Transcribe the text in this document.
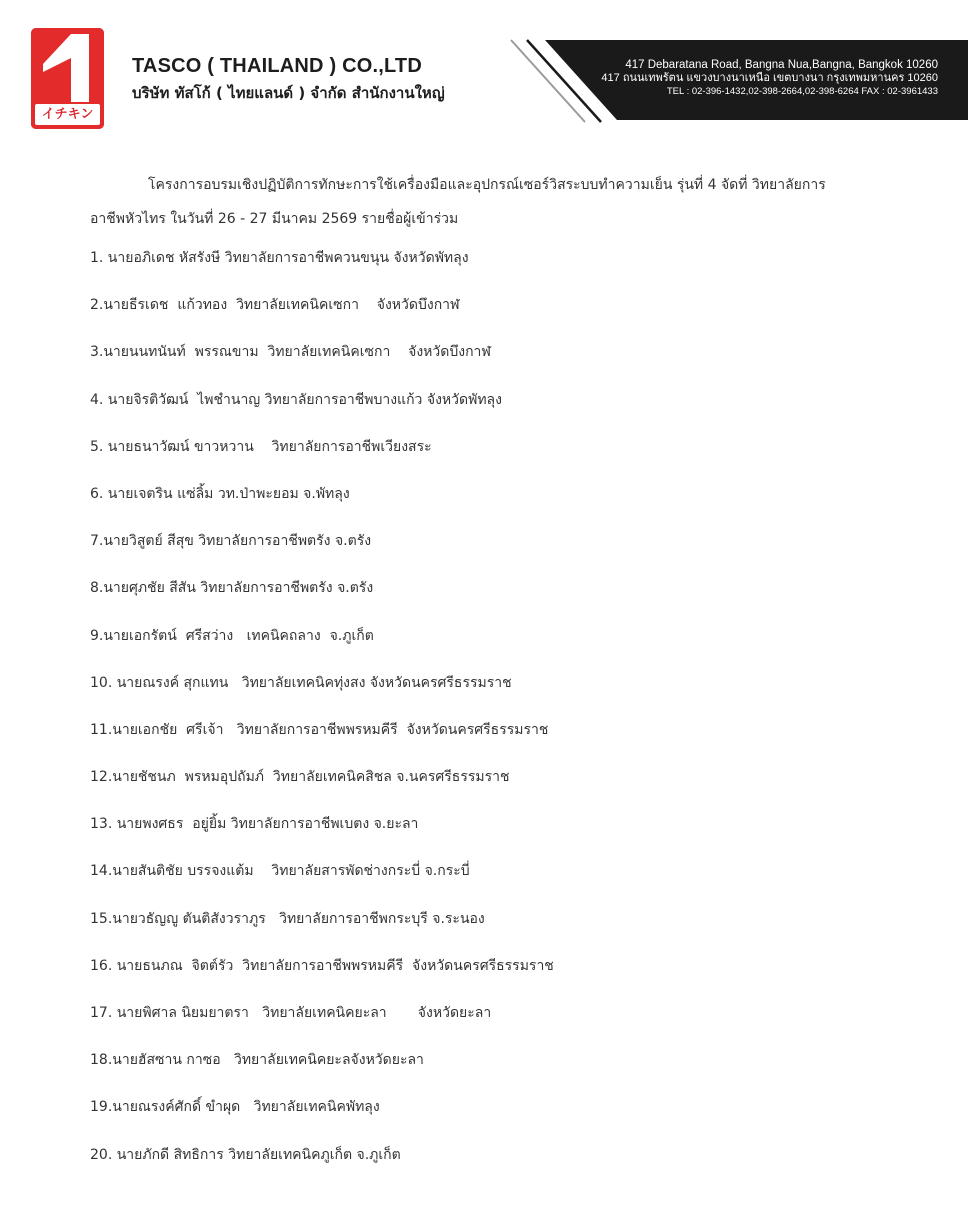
イチキン
TASCO ( THAILAND ) CO.,LTD
บริษัท ทัสโก้ ( ไทยแลนด์ ) จำกัด สำนักงานใหญ่
417 Debaratana Road, Bangna Nua,Bangna, Bangkok 10260
417 ถนนเทพรัตน แขวงบางนาเหนือ เขตบางนา กรุงเทพมหานคร 10260
TEL : 02-396-1432,02-398-2664,02-398-6264 FAX : 02-3961433

โครงการอบรมเชิงปฏิบัติการทักษะการใช้เครื่องมือและอุปกรณ์เซอร์วิสระบบทำความเย็น รุ่นที่ 4 จัดที่ วิทยาลัยการ
อาชีพหัวไทร ในวันที่ 26 - 27 มีนาคม 2569 รายชื่อผู้เข้าร่วม

1. นายอภิเดช หัสรังษี วิทยาลัยการอาชีพควนขนุน จังหวัดพัทลุง
2.นายธีรเดช  แก้วทอง  วิทยาลัยเทคนิคเซกา    จังหวัดบึงกาฬ
3.นายนนทนันท์  พรรณขาม  วิทยาลัยเทคนิคเซกา    จังหวัดบึงกาฬ
4. นายจิรติวัฒน์  ไพชำนาญ วิทยาลัยการอาชีพบางแก้ว จังหวัดพัทลุง
5. นายธนาวัฒน์ ขาวหวาน    วิทยาลัยการอาชีพเวียงสระ
6. นายเจตริน แซ่ลิ้ม วท.ป่าพะยอม จ.พัทลุง
7.นายวิสูตย์ สีสุข วิทยาลัยการอาชีพตรัง จ.ตรัง
8.นายศุภชัย สีสัน วิทยาลัยการอาชีพตรัง จ.ตรัง
9.นายเอกรัตน์  ศรีสว่าง   เทคนิคถลาง  จ.ภูเก็ต
10. นายณรงค์ สุกแทน   วิทยาลัยเทคนิคทุ่งสง จังหวัดนครศรีธรรมราช
11.นายเอกชัย  ศรีเจ้า   วิทยาลัยการอาชีพพรหมคีรี  จังหวัดนครศรีธรรมราช
12.นายชัชนภ  พรหมอุปถัมภ์  วิทยาลัยเทคนิคสิชล จ.นครศรีธรรมราช
13. นายพงศธร  อยู่ยิ้ม วิทยาลัยการอาชีพเบตง จ.ยะลา
14.นายสันติชัย บรรจงแต้ม    วิทยาลัยสารพัดช่างกระบี่ จ.กระบี่
15.นายวธัญญู ตันติสังวราภูร   วิทยาลัยการอาชีพกระบุรี จ.ระนอง
16. นายธนภณ  จิตต์รัว  วิทยาลัยการอาชีพพรหมคีรี  จังหวัดนครศรีธรรมราช
17. นายพิศาล นิยมยาตรา   วิทยาลัยเทคนิคยะลา       จังหวัดยะลา
18.นายฮัสซาน กาซอ   วิทยาลัยเทคนิคยะลจังหวัดยะลา
19.นายณรงค์ศักดิ์ ขำผุด   วิทยาลัยเทคนิคพัทลุง
20. นายภักดี สิทธิการ วิทยาลัยเทคนิคภูเก็ต จ.ภูเก็ต
